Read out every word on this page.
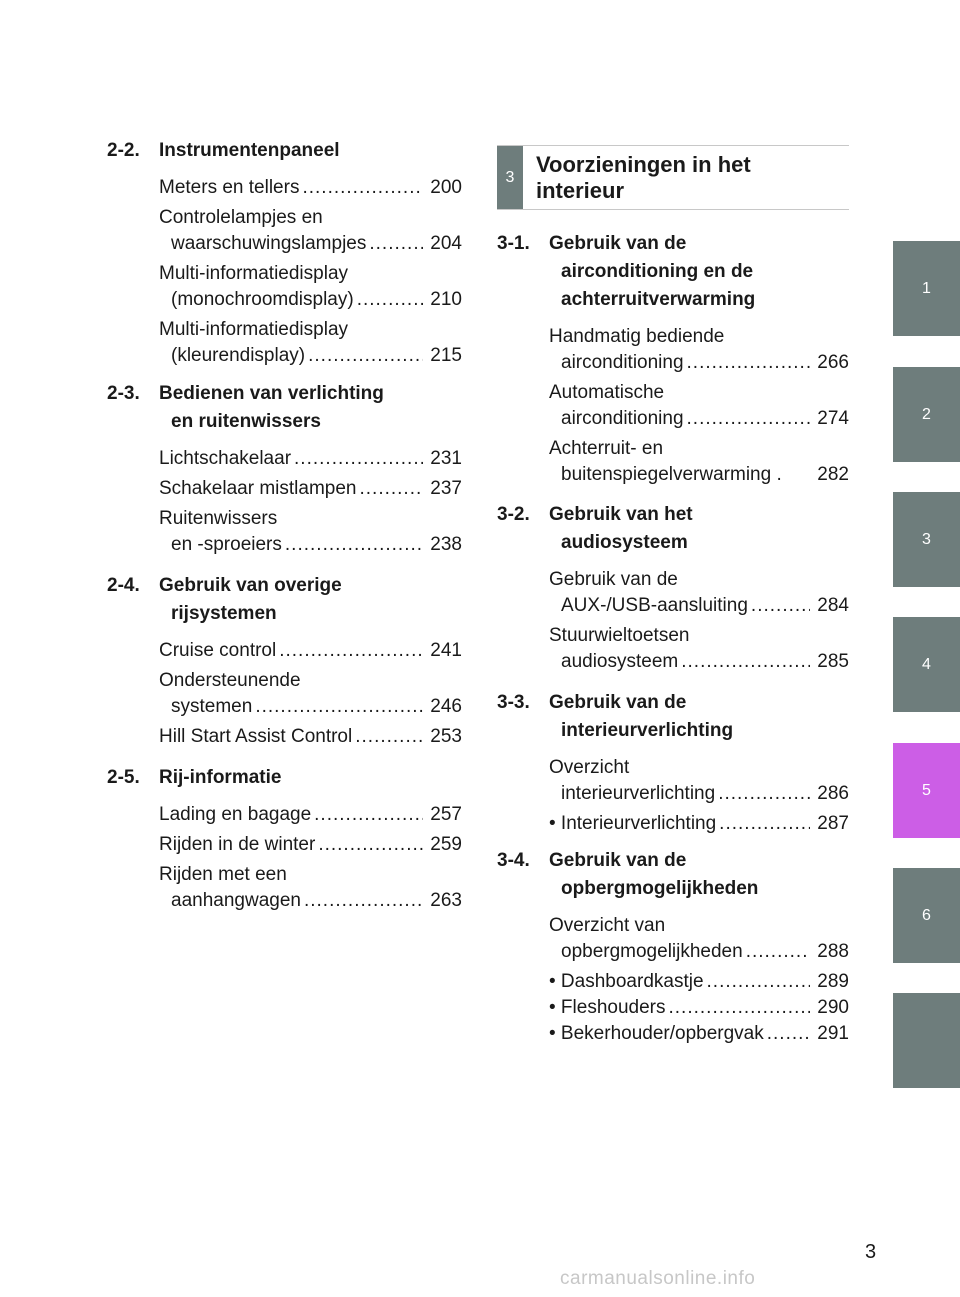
2-2.	Instrumentenpaneel
Meters en tellers .....	200
Controlelampjes en
waarschuwingslampjes .....	204
Multi-informatiedisplay
(monochroomdisplay) .....	210
Multi-informatiedisplay
(kleurendisplay) .....	215
2-3.	Bedienen van verlichting
en ruitenwissers
Lichtschakelaar .....	231
Schakelaar mistlampen .....	237
Ruitenwissers
en -sproeiers .....	238
2-4.	Gebruik van overige
rijsystemen
Cruise control .....	241
Ondersteunende
systemen .....	246
Hill Start Assist Control .....	253
2-5.	Rij-informatie
Lading en bagage .....	257
Rijden in de winter .....	259
Rijden met een
aanhangwagen .....	263
3
Voorzieningen in het
interieur
3-1.	Gebruik van de
airconditioning en de
achterruitverwarming
Handmatig bediende
airconditioning .....	266
Automatische
airconditioning .....	274
Achterruit- en
buitenspiegelverwarming . 282
3-2.	Gebruik van het
audiosysteem
Gebruik van de
AUX-/USB-aansluiting .....	284
Stuurwieltoetsen
audiosysteem .....	285
3-3.	Gebruik van de
interieurverlichting
Overzicht
interieurverlichting .....	286
• Interieurverlichting .....	287
3-4.	Gebruik van de
opbergmogelijkheden
Overzicht van
opbergmogelijkheden .....	288
• Dashboardkastje .....	289
• Fleshouders .....	290
• Bekerhouder/opbergvak .....	291
1
2
3
4
5
6
3
carmanualsonline.info
